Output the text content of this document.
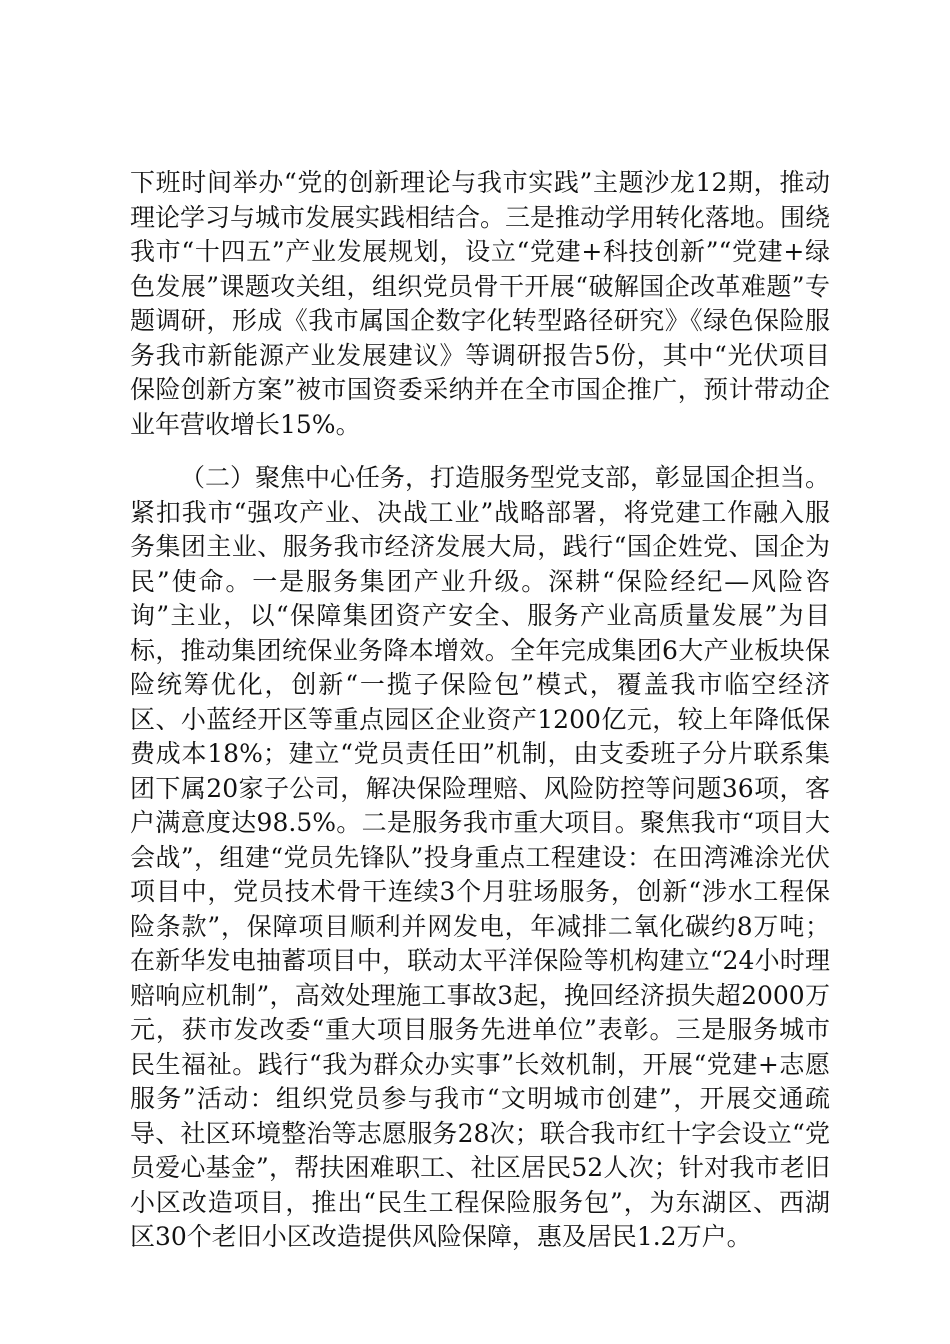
下班时间举办“党的创新理论与我市实践”主题沙龙12期，推动理论学习与城市发展实践相结合。三是推动学用转化落地。围绕我市“十四五”产业发展规划，设立“党建+科技创新”“党建+绿色发展”课题攻关组，组织党员骨干开展“破解国企改革难题”专题调研，形成《我市属国企数字化转型路径研究》《绿色保险服务我市新能源产业发展建议》等调研报告5份，其中“光伏项目保险创新方案”被市国资委采纳并在全市国企推广，预计带动企业年营收增长15%。

（二）聚焦中心任务，打造服务型党支部，彰显国企担当。紧扣我市“强攻产业、决战工业”战略部署，将党建工作融入服务集团主业、服务我市经济发展大局，践行“国企姓党、国企为民”使命。一是服务集团产业升级。深耕“保险经纪—风险咨询”主业，以“保障集团资产安全、服务产业高质量发展”为目标，推动集团统保业务降本增效。全年完成集团6大产业板块保险统筹优化，创新“一揽子保险包”模式，覆盖我市临空经济区、小蓝经开区等重点园区企业资产1200亿元，较上年降低保费成本18%；建立“党员责任田”机制，由支委班子分片联系集团下属20家子公司，解决保险理赔、风险防控等问题36项，客户满意度达98.5%。二是服务我市重大项目。聚焦我市“项目大会战”，组建“党员先锋队”投身重点工程建设：在田湾滩涂光伏项目中，党员技术骨干连续3个月驻场服务，创新“涉水工程保险条款”，保障项目顺利并网发电，年减排二氧化碳约8万吨；在新华发电抽蓄项目中，联动太平洋保险等机构建立“24小时理赔响应机制”，高效处理施工事故3起，挽回经济损失超2000万元，获市发改委“重大项目服务先进单位”表彰。三是服务城市民生福祉。践行“我为群众办实事”长效机制，开展“党建+志愿服务”活动：组织党员参与我市“文明城市创建”，开展交通疏导、社区环境整治等志愿服务28次；联合我市红十字会设立“党员爱心基金”，帮扶困难职工、社区居民52人次；针对我市老旧小区改造项目，推出“民生工程保险服务包”，为东湖区、西湖区30个老旧小区改造提供风险保障，惠及居民1.2万户。
